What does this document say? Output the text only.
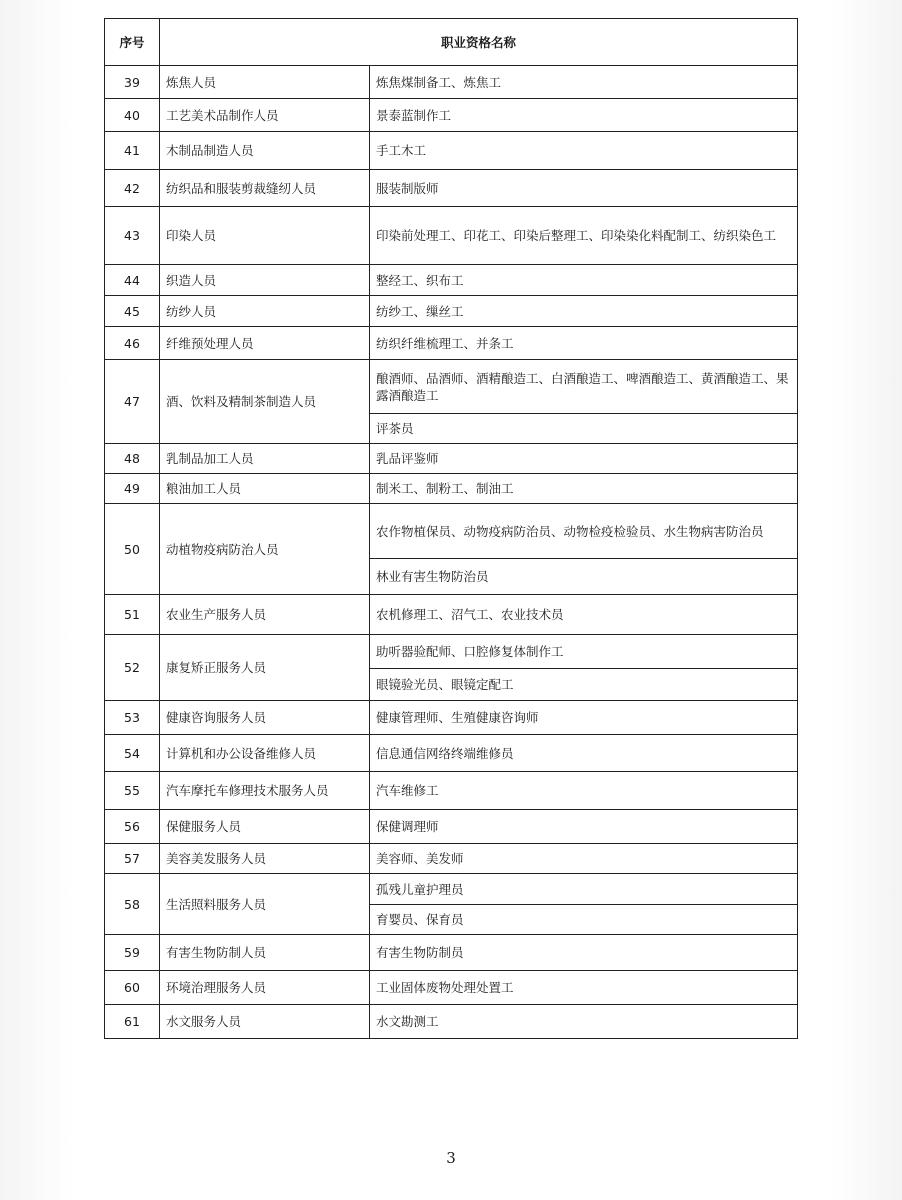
序号	职业资格名称	
39	炼焦人员	炼焦煤制备工、炼焦工
40	工艺美术品制作人员	景泰蓝制作工
41	木制品制造人员	手工木工
42	纺织品和服装剪裁缝纫人员	服装制版师
43	印染人员	印染前处理工、印花工、印染后整理工、印染染化料配制工、纺织染色工
44	织造人员	整经工、织布工
45	纺纱人员	纺纱工、缫丝工
46	纤维预处理人员	纺织纤维梳理工、并条工
47	酒、饮料及精制茶制造人员	酿酒师、品酒师、酒精酿造工、白酒酿造工、啤酒酿造工、黄酒酿造工、果露酒酿造工
		评茶员
48	乳制品加工人员	乳品评鉴师
49	粮油加工人员	制米工、制粉工、制油工
50	动植物疫病防治人员	农作物植保员、动物疫病防治员、动物检疫检验员、水生物病害防治员
		林业有害生物防治员
51	农业生产服务人员	农机修理工、沼气工、农业技术员
52	康复矫正服务人员	助听器验配师、口腔修复体制作工
		眼镜验光员、眼镜定配工
53	健康咨询服务人员	健康管理师、生殖健康咨询师
54	计算机和办公设备维修人员	信息通信网络终端维修员
55	汽车摩托车修理技术服务人员	汽车维修工
56	保健服务人员	保健调理师
57	美容美发服务人员	美容师、美发师
58	生活照料服务人员	孤残儿童护理员
		育婴员、保育员
59	有害生物防制人员	有害生物防制员
60	环境治理服务人员	工业固体废物处理处置工
61	水文服务人员	水文勘测工
3
